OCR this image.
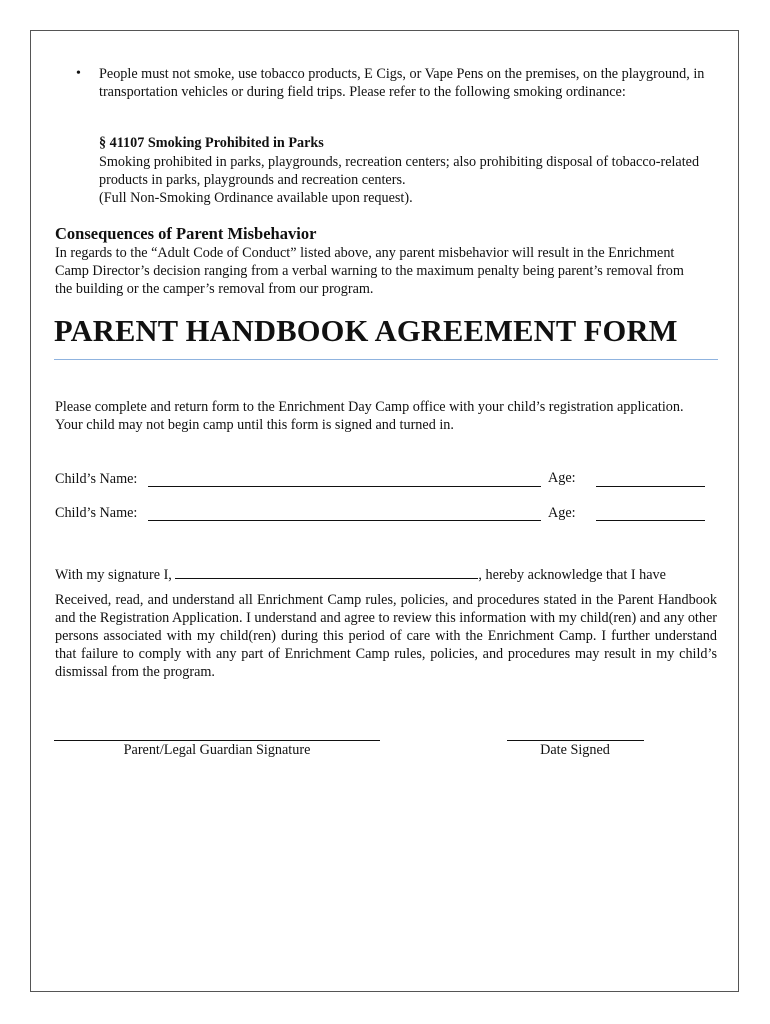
• People must not smoke, use tobacco products, E Cigs, or Vape Pens on the premises, on the playground, in transportation vehicles or during field trips. Please refer to the following smoking ordinance:
§ 41107 Smoking Prohibited in Parks
Smoking prohibited in parks, playgrounds, recreation centers; also prohibiting disposal of tobacco-related products in parks, playgrounds and recreation centers.
(Full Non-Smoking Ordinance available upon request).
Consequences of Parent Misbehavior
In regards to the “Adult Code of Conduct” listed above, any parent misbehavior will result in the Enrichment Camp Director’s decision ranging from a verbal warning to the maximum penalty being parent’s removal from the building or the camper’s removal from our program.
PARENT HANDBOOK AGREEMENT FORM
Please complete and return form to the Enrichment Day Camp office with your child’s registration application. Your child may not begin camp until this form is signed and turned in.
Child’s Name:	Age:
Child’s Name:	Age:
With my signature I,	, hereby acknowledge that I have
Received, read, and understand all Enrichment Camp rules, policies, and procedures stated in the Parent Handbook and the Registration Application. I understand and agree to review this information with my child(ren) and any other persons associated with my child(ren) during this period of care with the Enrichment Camp. I further understand that failure to comply with any part of Enrichment Camp rules, policies, and procedures may result in my child’s dismissal from the program.
Parent/Legal Guardian Signature	Date Signed
